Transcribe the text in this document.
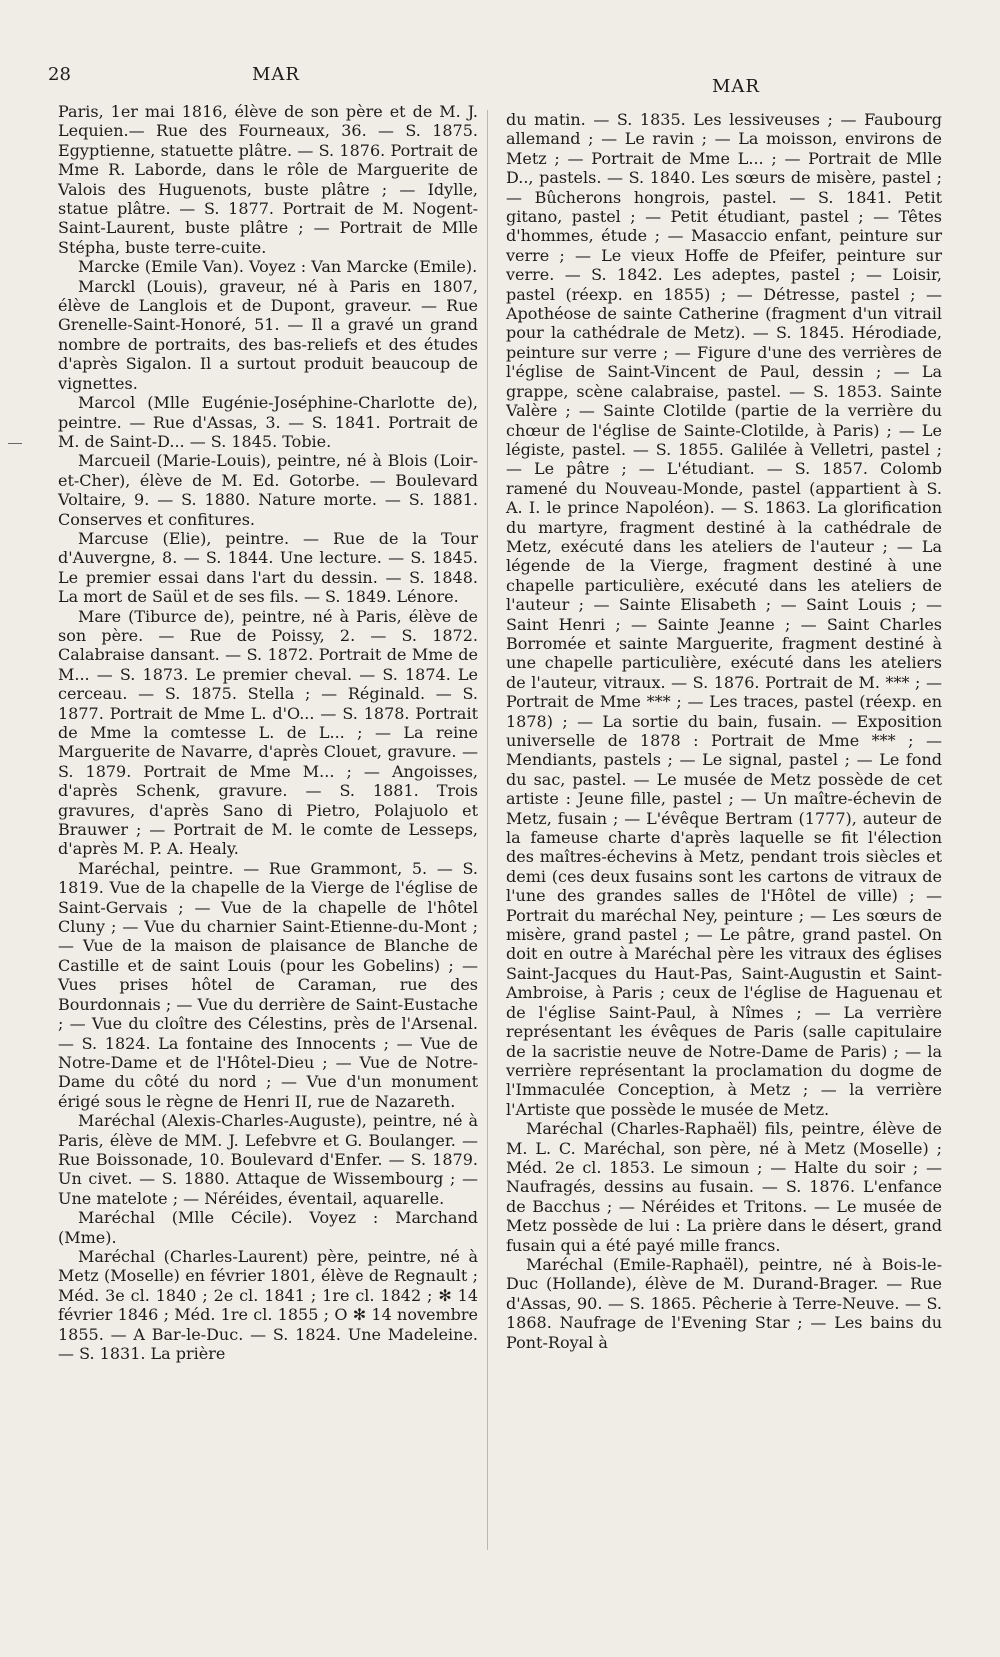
28	MAR
MAR

Paris, 1er mai 1816, élève de son père et de M. J. Lequien.— Rue des Fourneaux, 36. — S. 1875. Egyptienne, statuette plâtre. — S. 1876. Portrait de Mme R. Laborde, dans le rôle de Marguerite de Valois des Huguenots, buste plâtre ; — Idylle, statue plâtre. — S. 1877. Portrait de M. Nogent-Saint-Laurent, buste plâtre ; — Portrait de Mlle Stépha, buste terre-cuite.

Marcke (Emile Van). Voyez : Van Marcke (Emile).

Marckl (Louis), graveur, né à Paris en 1807, élève de Langlois et de Dupont, graveur. — Rue Grenelle-Saint-Honoré, 51. — Il a gravé un grand nombre de portraits, des bas-reliefs et des études d'après Sigalon. Il a surtout produit beaucoup de vignettes.

Marcol (Mlle Eugénie-Joséphine-Charlotte de), peintre. — Rue d'Assas, 3. — S. 1841. Portrait de M. de Saint-D... — S. 1845. Tobie.

Marcueil (Marie-Louis), peintre, né à Blois (Loir-et-Cher), élève de M. Ed. Gotorbe. — Boulevard Voltaire, 9. — S. 1880. Nature morte. — S. 1881. Conserves et confitures.

Marcuse (Elie), peintre. — Rue de la Tour d'Auvergne, 8. — S. 1844. Une lecture. — S. 1845. Le premier essai dans l'art du dessin. — S. 1848. La mort de Saül et de ses fils. — S. 1849. Lénore.

Mare (Tiburce de), peintre, né à Paris, élève de son père. — Rue de Poissy, 2. — S. 1872. Calabraise dansant. — S. 1872. Portrait de Mme de M... — S. 1873. Le premier cheval. — S. 1874. Le cerceau. — S. 1875. Stella ; — Réginald. — S. 1877. Portrait de Mme L. d'O... — S. 1878. Portrait de Mme la comtesse L. de L... ; — La reine Marguerite de Navarre, d'après Clouet, gravure. — S. 1879. Portrait de Mme M... ; — Angoisses, d'après Schenk, gravure. — S. 1881. Trois gravures, d'après Sano di Pietro, Polajuolo et Brauwer ; — Portrait de M. le comte de Lesseps, d'après M. P. A. Healy.

Maréchal, peintre. — Rue Grammont, 5. — S. 1819. Vue de la chapelle de la Vierge de l'église de Saint-Gervais ; — Vue de la chapelle de l'hôtel Cluny ; — Vue du charnier Saint-Etienne-du-Mont ; — Vue de la maison de plaisance de Blanche de Castille et de saint Louis (pour les Gobelins) ; — Vues prises hôtel de Caraman, rue des Bourdonnais ; — Vue du derrière de Saint-Eustache ; — Vue du cloître des Célestins, près de l'Arsenal. — S. 1824. La fontaine des Innocents ; — Vue de Notre-Dame et de l'Hôtel-Dieu ; — Vue de Notre-Dame du côté du nord ; — Vue d'un monument érigé sous le règne de Henri II, rue de Nazareth.

Maréchal (Alexis-Charles-Auguste), peintre, né à Paris, élève de MM. J. Lefebvre et G. Boulanger. — Rue Boissonade, 10. Boulevard d'Enfer. — S. 1879. Un civet. — S. 1880. Attaque de Wissembourg ; — Une matelote ; — Néréides, éventail, aquarelle.

Maréchal (Mlle Cécile). Voyez : Marchand (Mme).

Maréchal (Charles-Laurent) père, peintre, né à Metz (Moselle) en février 1801, élève de Regnault ; Méd. 3e cl. 1840 ; 2e cl. 1841 ; 1re cl. 1842 ; ✻ 14 février 1846 ; Méd. 1re cl. 1855 ; O ✻ 14 novembre 1855. — A Bar-le-Duc. — S. 1824. Une Madeleine. — S. 1831. La prière

du matin. — S. 1835. Les lessiveuses ; — Faubourg allemand ; — Le ravin ; — La moisson, environs de Metz ; — Portrait de Mme L... ; — Portrait de Mlle D.., pastels. — S. 1840. Les sœurs de misère, pastel ; — Bûcherons hongrois, pastel. — S. 1841. Petit gitano, pastel ; — Petit étudiant, pastel ; — Têtes d'hommes, étude ; — Masaccio enfant, peinture sur verre ; — Le vieux Hoffe de Pfeifer, peinture sur verre. — S. 1842. Les adeptes, pastel ; — Loisir, pastel (réexp. en 1855) ; — Détresse, pastel ; — Apothéose de sainte Catherine (fragment d'un vitrail pour la cathédrale de Metz). — S. 1845. Hérodiade, peinture sur verre ; — Figure d'une des verrières de l'église de Saint-Vincent de Paul, dessin ; — La grappe, scène calabraise, pastel. — S. 1853. Sainte Valère ; — Sainte Clotilde (partie de la verrière du chœur de l'église de Sainte-Clotilde, à Paris) ; — Le légiste, pastel. — S. 1855. Galilée à Velletri, pastel ; — Le pâtre ; — L'étudiant. — S. 1857. Colomb ramené du Nouveau-Monde, pastel (appartient à S. A. I. le prince Napoléon). — S. 1863. La glorification du martyre, fragment destiné à la cathédrale de Metz, exécuté dans les ateliers de l'auteur ; — La légende de la Vierge, fragment destiné à une chapelle particulière, exécuté dans les ateliers de l'auteur ; — Sainte Elisabeth ; — Saint Louis ; — Saint Henri ; — Sainte Jeanne ; — Saint Charles Borromée et sainte Marguerite, fragment destiné à une chapelle particulière, exécuté dans les ateliers de l'auteur, vitraux. — S. 1876. Portrait de M. *** ; — Portrait de Mme *** ; — Les traces, pastel (réexp. en 1878) ; — La sortie du bain, fusain. — Exposition universelle de 1878 : Portrait de Mme *** ; — Mendiants, pastels ; — Le signal, pastel ; — Le fond du sac, pastel. — Le musée de Metz possède de cet artiste : Jeune fille, pastel ; — Un maître-échevin de Metz, fusain ; — L'évêque Bertram (1777), auteur de la fameuse charte d'après laquelle se fit l'élection des maîtres-échevins à Metz, pendant trois siècles et demi (ces deux fusains sont les cartons de vitraux de l'une des grandes salles de l'Hôtel de ville) ; — Portrait du maréchal Ney, peinture ; — Les sœurs de misère, grand pastel ; — Le pâtre, grand pastel. On doit en outre à Maréchal père les vitraux des églises Saint-Jacques du Haut-Pas, Saint-Augustin et Saint-Ambroise, à Paris ; ceux de l'église de Haguenau et de l'église Saint-Paul, à Nîmes ; — La verrière représentant les évêques de Paris (salle capitulaire de la sacristie neuve de Notre-Dame de Paris) ; — la verrière représentant la proclamation du dogme de l'Immaculée Conception, à Metz ; — la verrière l'Artiste que possède le musée de Metz.

Maréchal (Charles-Raphaël) fils, peintre, élève de M. L. C. Maréchal, son père, né à Metz (Moselle) ; Méd. 2e cl. 1853. Le simoun ; — Halte du soir ; — Naufragés, dessins au fusain. — S. 1876. L'enfance de Bacchus ; — Néréides et Tritons. — Le musée de Metz possède de lui : La prière dans le désert, grand fusain qui a été payé mille francs.

Maréchal (Emile-Raphaël), peintre, né à Bois-le-Duc (Hollande), élève de M. Durand-Brager. — Rue d'Assas, 90. — S. 1865. Pêcherie à Terre-Neuve. — S. 1868. Naufrage de l'Evening Star ; — Les bains du Pont-Royal à
